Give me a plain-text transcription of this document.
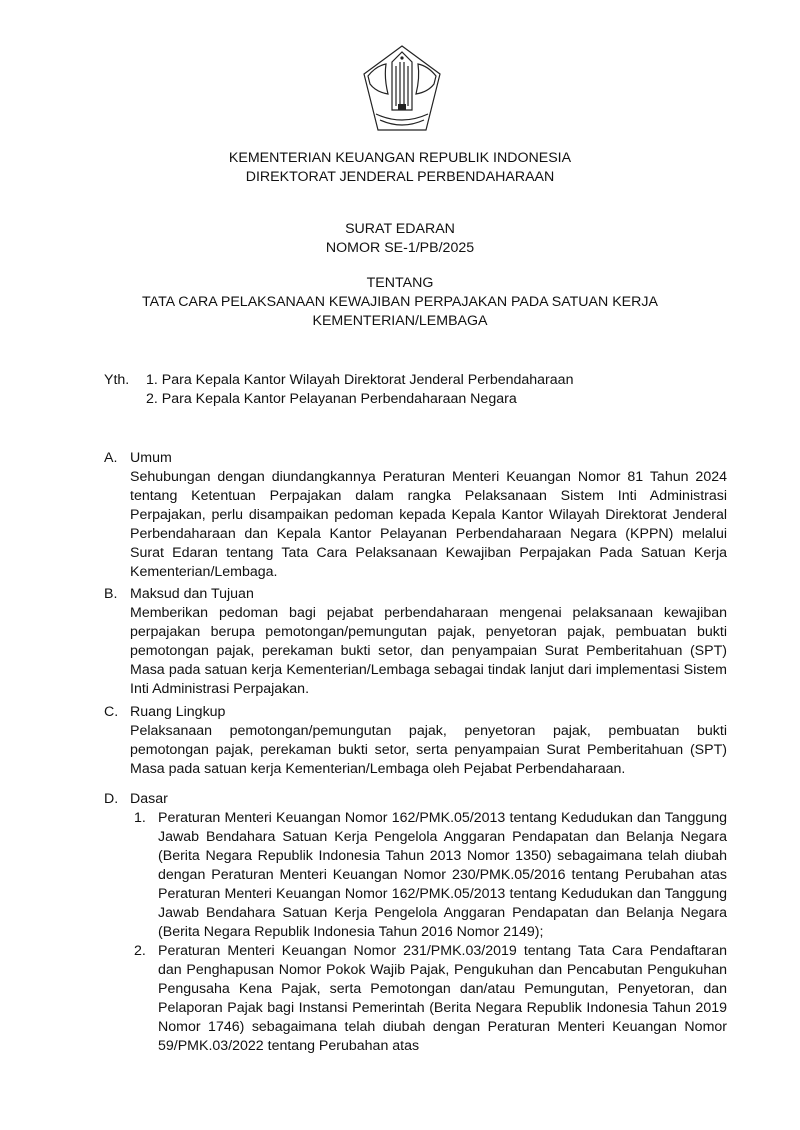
KEMENTERIAN KEUANGAN REPUBLIK INDONESIA
DIREKTORAT JENDERAL PERBENDAHARAAN
SURAT EDARAN
NOMOR SE-1/PB/2025
TENTANG
TATA CARA PELAKSANAAN KEWAJIBAN PERPAJAKAN PADA SATUAN KERJA
KEMENTERIAN/LEMBAGA
Yth. 1. Para Kepala Kantor Wilayah Direktorat Jenderal Perbendaharaan
2. Para Kepala Kantor Pelayanan Perbendaharaan Negara
A. Umum
Sehubungan dengan diundangkannya Peraturan Menteri Keuangan Nomor 81 Tahun 2024 tentang Ketentuan Perpajakan dalam rangka Pelaksanaan Sistem Inti Administrasi Perpajakan, perlu disampaikan pedoman kepada Kepala Kantor Wilayah Direktorat Jenderal Perbendaharaan dan Kepala Kantor Pelayanan Perbendaharaan Negara (KPPN) melalui Surat Edaran tentang Tata Cara Pelaksanaan Kewajiban Perpajakan Pada Satuan Kerja Kementerian/Lembaga.
B. Maksud dan Tujuan
Memberikan pedoman bagi pejabat perbendaharaan mengenai pelaksanaan kewajiban perpajakan berupa pemotongan/pemungutan pajak, penyetoran pajak, pembuatan bukti pemotongan pajak, perekaman bukti setor, dan penyampaian Surat Pemberitahuan (SPT) Masa pada satuan kerja Kementerian/Lembaga sebagai tindak lanjut dari implementasi Sistem Inti Administrasi Perpajakan.
C. Ruang Lingkup
Pelaksanaan pemotongan/pemungutan pajak, penyetoran pajak, pembuatan bukti pemotongan pajak, perekaman bukti setor, serta penyampaian Surat Pemberitahuan (SPT) Masa pada satuan kerja Kementerian/Lembaga oleh Pejabat Perbendaharaan.
D. Dasar
1. Peraturan Menteri Keuangan Nomor 162/PMK.05/2013 tentang Kedudukan dan Tanggung Jawab Bendahara Satuan Kerja Pengelola Anggaran Pendapatan dan Belanja Negara (Berita Negara Republik Indonesia Tahun 2013 Nomor 1350) sebagaimana telah diubah dengan Peraturan Menteri Keuangan Nomor 230/PMK.05/2016 tentang Perubahan atas Peraturan Menteri Keuangan Nomor 162/PMK.05/2013 tentang Kedudukan dan Tanggung Jawab Bendahara Satuan Kerja Pengelola Anggaran Pendapatan dan Belanja Negara (Berita Negara Republik Indonesia Tahun 2016 Nomor 2149);
2. Peraturan Menteri Keuangan Nomor 231/PMK.03/2019 tentang Tata Cara Pendaftaran dan Penghapusan Nomor Pokok Wajib Pajak, Pengukuhan dan Pencabutan Pengukuhan Pengusaha Kena Pajak, serta Pemotongan dan/atau Pemungutan, Penyetoran, dan Pelaporan Pajak bagi Instansi Pemerintah (Berita Negara Republik Indonesia Tahun 2019 Nomor 1746) sebagaimana telah diubah dengan Peraturan Menteri Keuangan Nomor 59/PMK.03/2022 tentang Perubahan atas
